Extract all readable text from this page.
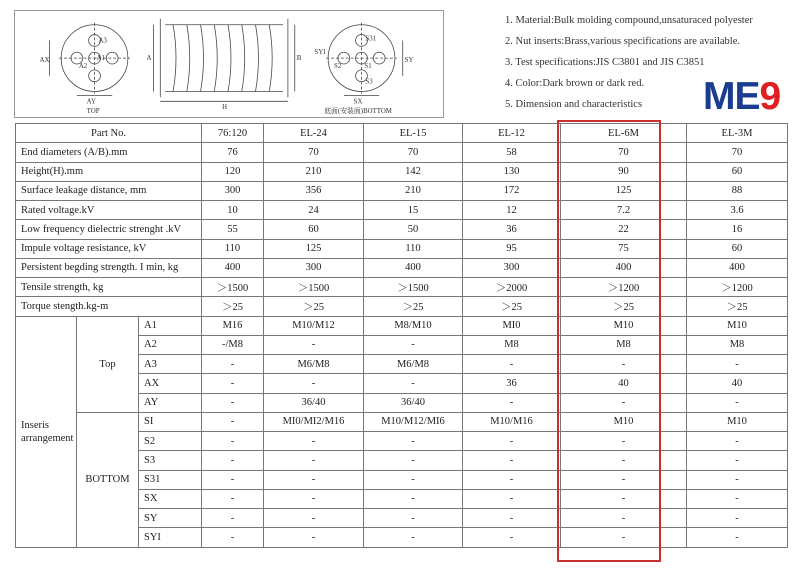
AX
A3
A1
A2
AY
TOP
A	B
H
S31
S1
S2
S3
SY
SYI
SX
底面(安装面)BOTTOM
1. Material:Bulk molding compound,unsaturaced polyester
2. Nut inserts:Brass,various specifications are available.
3. Test specifications:JIS C3801 and JIS C3851
4. Color:Dark brown or dark red.
5. Dimension and characteristics	ME9
Part No.			76:120	EL-24	EL-15	EL-12	EL-6M	EL-3M
End diameters (A/B).mm			76	70	70	58	70	70
Height(H).mm			120	210	142	130	90	60
Surface leakage distance, mm			300	356	210	172	125	88
Rated voltage.kV			10	24	15	12	7.2	3.6
Low frequency dielectric strenght .kV			55	60	50	36	22	16
Impule voltage resistance, kV			110	125	110	95	75	60
Persistent begding strength. I min, kg			400	300	400	300	400	400
Tensile strength, kg			＞1500	＞1500	＞1500	＞2000	＞1200	＞1200
Torque stength.kg-m			＞25	＞25	＞25	＞25	＞25	＞25

Inseris
arrangement	Top	A1	M16	M10/M12	M8/M10	MI0	M10	M10
		A2	-/M8	-	-	M8	M8	M8
		A3	-	M6/M8	M6/M8	-	-	-
		AX	-	-	-	36	40	40
		AY	-	36/40	36/40	-	-	-
	BOTTOM	SI	-	MI0/MI2/M16	M10/M12/MI6	M10/M16	M10	M10
		S2	-	-	-	-	-	-
		S3	-	-	-	-	-	-
		S31	-	-	-	-	-	-
		SX	-	-	-	-	-	-
		SY	-	-	-	-	-	-
		SYI	-	-	-	-	-	-
